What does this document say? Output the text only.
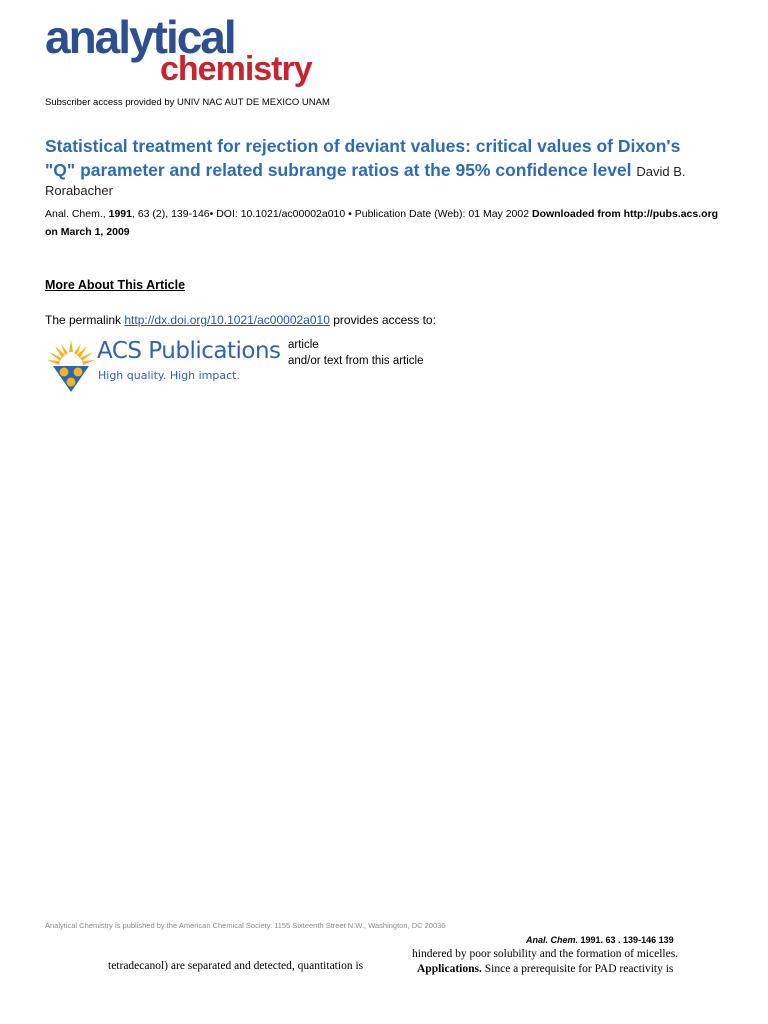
analytical
chemistry
Subscriber access provided by UNIV NAC AUT DE MEXICO UNAM
Statistical treatment for rejection of deviant values: critical values of Dixon's "Q" parameter and related subrange ratios at the 95% confidence level David B.
Rorabacher
Anal. Chem., 1991, 63 (2), 139-146• DOI: 10.1021/ac00002a010 • Publication Date (Web): 01 May 2002 Downloaded from http://pubs.acs.org on March 1, 2009
More About This Article
The permalink http://dx.doi.org/10.1021/ac00002a010 provides access to:
article
and/or text from this article
ACS Publications
High quality. High impact.
Analytical Chemistry is published by the American Chemical Society. 1155 Sixteenth Street N.W., Washington, DC 20036
Anal. Chem. 1991. 63 . 139-146 139
hindered by poor solubility and the formation of micelles.
Applications. Since a prerequisite for PAD reactivity is
tetradecanol) are separated and detected, quantitation is
